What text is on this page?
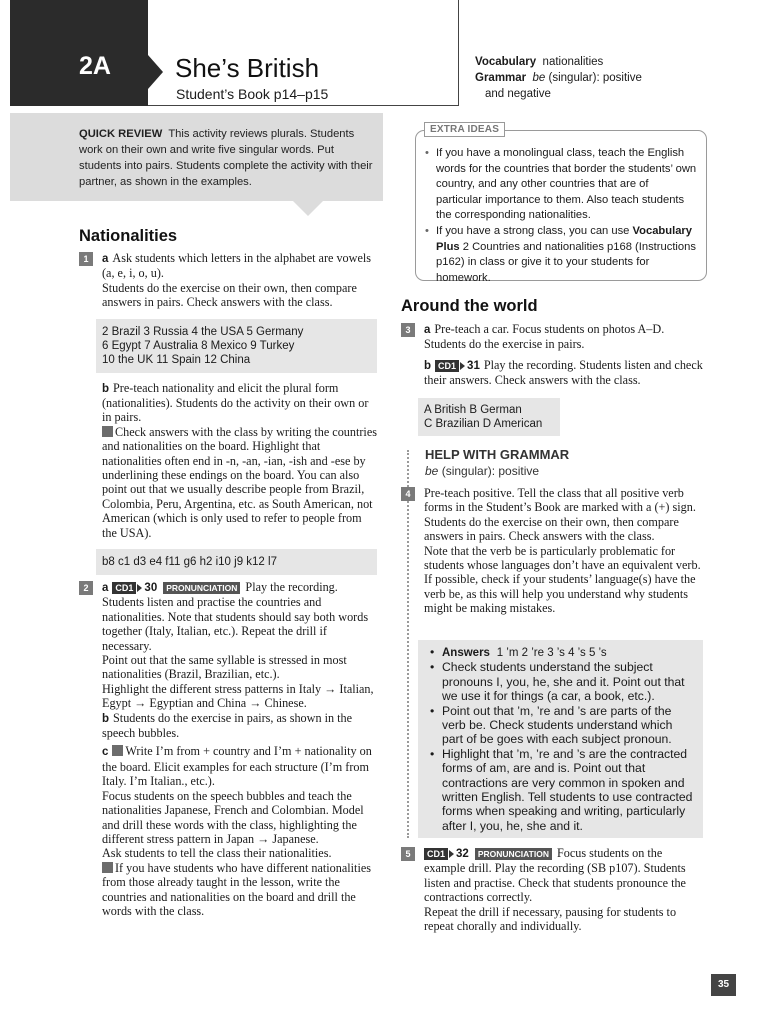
2A She’s British
Student’s Book p14–p15
Vocabulary nationalities
Grammar be (singular): positive
and negative
QUICK REVIEW This activity reviews plurals. Students work on their own and write five singular words. Put students into pairs. Students complete the activity with their partner, as shown in the examples.
EXTRA IDEAS
• If you have a monolingual class, teach the English words for the countries that border the students’ own country, and any other countries that are of particular importance to them. Also teach students the corresponding nationalities.
• If you have a strong class, you can use Vocabulary Plus 2 Countries and nationalities p168 (Instructions p162) in class or give it to your students for homework.
Nationalities

1	a Ask students which letters in the alphabet are vowels (a, e, i, o, u).

Students do the exercise on their own, then compare answers in pairs. Check answers with the class.

2 Brazil 3 Russia 4 the USA 5 Germany
6 Egypt 7 Australia 8 Mexico 9 Turkey
10 the UK 11 Spain 12 China

b Pre-teach nationality and elicit the plural form (nationalities). Students do the activity on their own or in pairs.

Check answers with the class by writing the countries and nationalities on the board. Highlight that nationalities often end in -n, -an, -ian, -ish and -ese by underlining these endings on the board. You can also point out that we usually describe people from Brazil, Colombia, Peru, Argentina, etc. as South American, not American (which is only used to refer to people from the USA).

b8 c1 d3 e4 f11 g6 h2 i10 j9 k12 l7

2	a CD1 30 PRONUNCIATION Play the recording. Students listen and practise the countries and nationalities. Note that students should say both words together (Italy, Italian, etc.). Repeat the drill if necessary.

Point out that the same syllable is stressed in most nationalities (Brazil, Brazilian, etc.).

Highlight the different stress patterns in Italy → Italian, Egypt → Egyptian and China → Chinese.

b Students do the exercise in pairs, as shown in the speech bubbles.

c Write I’m from + country and I’m + nationality on the board. Elicit examples for each structure (I’m from Italy. I’m Italian., etc.).

Focus students on the speech bubbles and teach the nationalities Japanese, French and Colombian. Model and drill these words with the class, highlighting the different stress pattern in Japan → Japanese.

Ask students to tell the class their nationalities.

If you have students who have different nationalities from those already taught in the lesson, write the countries and nationalities on the board and drill the words with the class.

Around the world

3	a Pre-teach a car. Focus students on photos A–D. Students do the exercise in pairs.

b CD1 31 Play the recording. Students listen and check their answers. Check answers with the class.

A British B German
C Brazilian D American
HELP WITH GRAMMAR
be (singular): positive

4	Pre-teach positive. Tell the class that all positive verb forms in the Student’s Book are marked with a (+) sign.

Students do the exercise on their own, then compare answers in pairs. Check answers with the class.

Note that the verb be is particularly problematic for students whose languages don’t have an equivalent verb. If possible, check if your students’ language(s) have the verb be, as this will help you understand why students might be making mistakes.

• Answers 1 ’m 2 ’re 3 ’s 4 ’s 5 ’s
• Check students understand the subject pronouns I, you, he, she and it. Point out that we use it for things (a car, a book, etc.).
• Point out that ’m, ’re and ’s are parts of the verb be. Check students understand which part of be goes with each subject pronoun.
• Highlight that ’m, ’re and ’s are the contracted forms of am, are and is. Point out that contractions are very common in spoken and written English. Tell students to use contracted forms when speaking and writing, particularly after I, you, he, she and it.

5	CD1 32 PRONUNCIATION Focus students on the example drill. Play the recording (SB p107). Students listen and practise. Check that students pronounce the contractions correctly.

Repeat the drill if necessary, pausing for students to repeat chorally and individually.

35
